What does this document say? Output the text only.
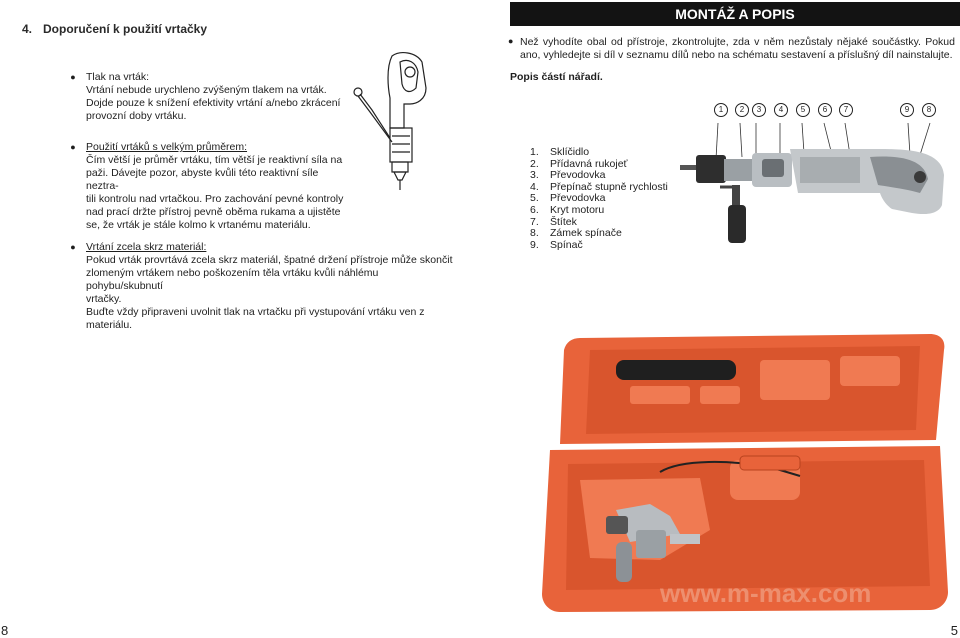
4. Doporučení k použití vrtačky
● Tlak na vrták:
Vrtání nebude urychleno zvýšeným tlakem na vrták.
Dojde pouze k snížení efektivity vrtání a/nebo zkrácení
provozní doby vrtáku.
● Použití vrtáků s velkým průměrem:
Čím větší je průměr vrtáku, tím větší je reaktivní síla na
paži. Dávejte pozor, abyste kvůli této reaktivní síle neztra-
tili kontrolu nad vrtačkou. Pro zachování pevné kontroly
nad prací držte přístroj pevně oběma rukama a ujistěte
se, že vrták je stále kolmo k vrtanému materiálu.
● Vrtání zcela skrz materiál:
Pokud vrták provrtává zcela skrz materiál, špatné držení přístroje může skončit
zlomeným vrtákem nebo poškozením těla vrtáku kvůli náhlému pohybu/skubnutí
vrtačky.
Buďte vždy připraveni uvolnit tlak na vrtačku při vystupování vrtáku ven z materiálu.
8
MONTÁŽ A POPIS
● Než vyhodíte obal od přístroje, zkontrolujte, zda v něm nezůstaly nějaké součástky. Pokud ano, vyhledejte si díl v seznamu dílů nebo na schématu sestavení a příslušný díl nainstalujte.
Popis částí nářadí.
1. Sklíčidlo
2. Přídavná rukojeť
3. Převodovka
4. Přepínač stupně rychlosti
5. Převodovka
6. Kryt motoru
7. Štítek
8. Zámek spínače
9. Spínač
1	2	3	4	5	6	7	9	8
www.m-max.com
5
